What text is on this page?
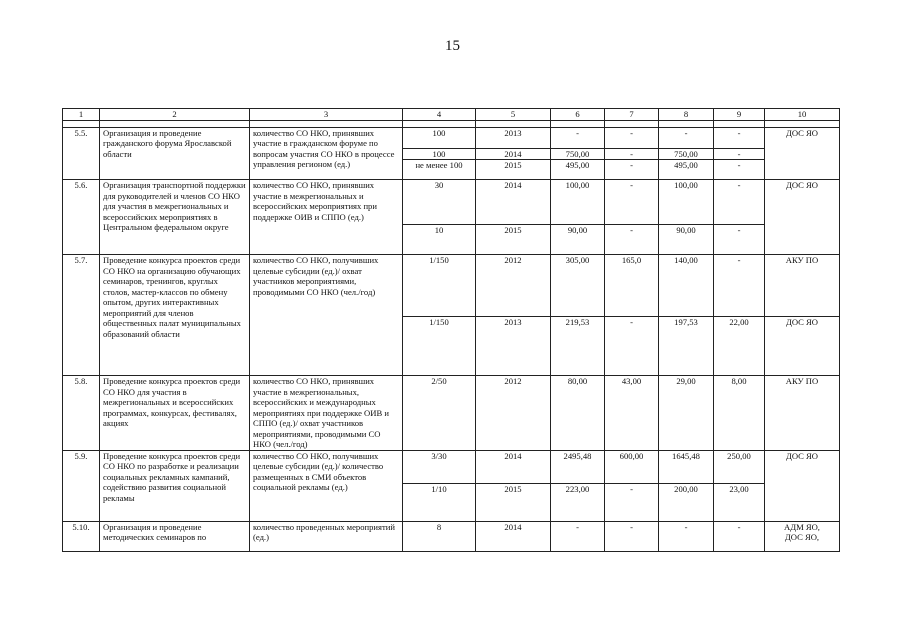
15
1	2	3	4	5	6	7	8	9	10

5.5.	Организация и проведение гражданского форума Ярославской области	количество СО НКО, принявших участие в гражданском форуме по вопросам участия СО НКО в процессе управления регионом (ед.)	100	2013	-	-	-	-	ДОС ЯО

			100	2014	750,00	-	750,00	-	
			не менее 100	2015	495,00	-	495,00	-	
5.6.	Организация транспортной поддержки для руководителей и членов СО НКО для участия в межрегиональных и всероссийских мероприятиях в Центральном федеральном округе	количество СО НКО, принявших участие в межрегиональных и всероссийских мероприятиях при поддержке ОИВ и СППО (ед.)	30	2014	100,00	-	100,00	-	ДОС ЯО

			10	2015	90,00	-	90,00	-	
5.7.	Проведение конкурса проектов среди СО НКО на организацию обучающих семинаров, тренингов, круглых столов, мастер-классов по обмену опытом, других интерактивных мероприятий для членов общественных палат муниципальных образований области	количество СО НКО, получивших целевые субсидии (ед.)/ охват участников мероприятиями, проводимыми СО НКО (чел./год)	1/150	2012	305,00	165,0	140,00	-	АКУ ПО
			1/150	2013	219,53	-	197,53	22,00	ДОС ЯО
5.8.	Проведение конкурса проектов среди СО НКО для участия в межрегиональных и всероссийских программах, конкурсах, фестивалях, акциях	количество СО НКО, принявших участие в межрегиональных, всероссийских и международных мероприятиях при поддержке ОИВ и СППО (ед.)/ охват участников мероприятиями, проводимыми СО НКО (чел./год)	2/50	2012	80,00	43,00	29,00	8,00	АКУ ПО

5.9.	Проведение конкурса проектов среди СО НКО по разработке и реализации социальных рекламных кампаний, содействию развития социальной рекламы	количество СО НКО, получивших целевые субсидии (ед.)/ количество размещенных в СМИ объектов социальной рекламы (ед.)	3/30	2014	2495,48	600,00	1645,48	250,00	ДОС ЯО

			1/10	2015	223,00	-	200,00	23,00	
5.10.	Организация и проведение методических семинаров по	количество проведенных мероприятий (ед.)	8	2014	-	-	-	-	АДМ ЯО,
ДОС ЯО,
